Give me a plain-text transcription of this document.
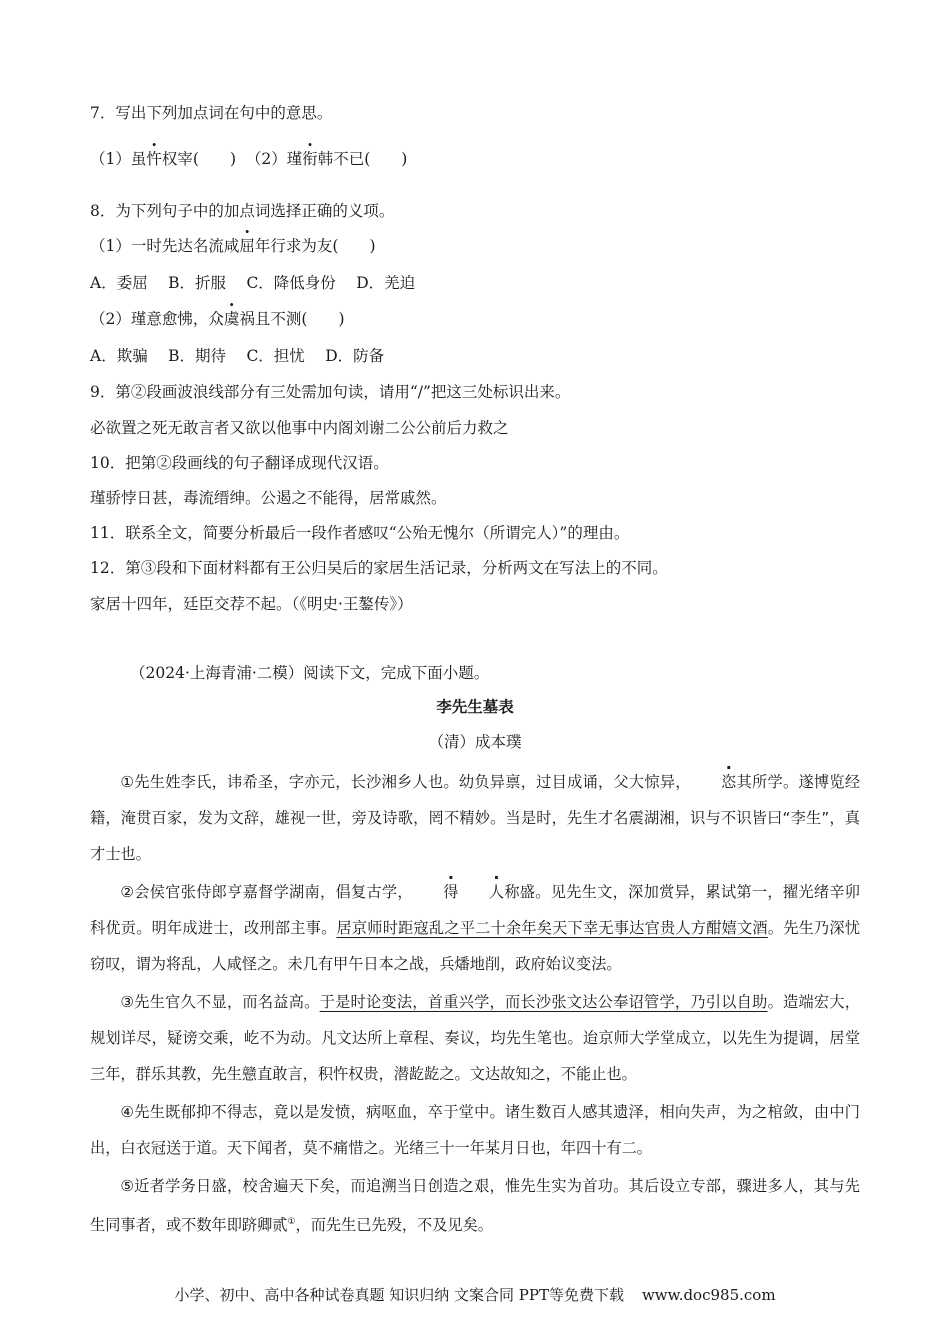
7．写出下列加点词在句中的意思。
（1）虽忤权宰(　　) （2）瑾衔韩不已(　　)
8．为下列句子中的加点词选择正确的义项。
（1）一时先达名流咸屈年行求为友(　　)
A．委屈　 B．折服　 C．降低身份　 D．羌迫
（2）瑾意愈怫，众虞祸且不测(　　)
A．欺骗　 B．期待　 C．担忧　 D．防备
9．第②段画波浪线部分有三处需加句读，请用“/”把这三处标识出来。
必欲置之死无敢言者又欲以他事中内阁刘谢二公公前后力救之
10．把第②段画线的句子翻译成现代汉语。
瑾骄悖日甚，毒流缙绅。公遏之不能得，居常戚然。
11．联系全文，简要分析最后一段作者感叹“公殆无愧尔（所谓完人）”的理由。
12．第③段和下面材料都有王公归吴后的家居生活记录，分析两文在写法上的不同。
家居十四年，廷臣交荐不起。（《明史·王鏊传》）
（2024·上海青浦·二模）阅读下文，完成下面小题。
李先生墓表
（清）成本璞

①先生姓李氏，讳希圣，字亦元，长沙湘乡人也。幼负异禀，过目成诵，父大惊异， 恣其所学。遂博览经籍，淹贯百家，发为文辞，雄视一世，旁及诗歌，罔不精妙。当是时，先生才名震湖湘，识与不识皆曰“李生”，真才士也。

②会侯官张侍郎亨嘉督学湖南，倡复古学， 得 人称盛。见先生文，深加赏异，累试第一，擢光绪辛卯科优贡。明年成进士，改刑部主事。居京师时距寇乱之平二十余年矣天下幸无事达官贵人方酣嬉文酒。先生乃深忧窃叹，谓为将乱，人咸怪之。未几有甲午日本之战，兵燔地削，政府始议变法。

③先生官久不显，而名益高。于是时论变法，首重兴学，而长沙张文达公奉诏管学，乃引以自助。造端宏大，规划详尽，疑谤交乘，屹不为动。凡文达所上章程、奏议，均先生笔也。迨京师大学堂成立，以先生为提调，居堂三年，群乐其教，先生戆直敢言，积忤权贵，潜龁龁之。文达故知之，不能止也。

④先生既郁抑不得志，竟以是发愤，病呕血，卒于堂中。诸生数百人感其遗泽，相向失声，为之棺敛，由中门出，白衣冠送于道。天下闻者，莫不痛惜之。光绪三十一年某月日也，年四十有二。

⑤近者学务日盛，校舍遍天下矣，而追溯当日创造之艰，惟先生实为首功。其后设立专部，骤进多人，其与先生同事者，或不数年即跻卿贰①，而先生已先殁，不及见矣。

小学、初中、高中各种试卷真题 知识归纳 文案合同 PPT等免费下载 www.doc985.com
